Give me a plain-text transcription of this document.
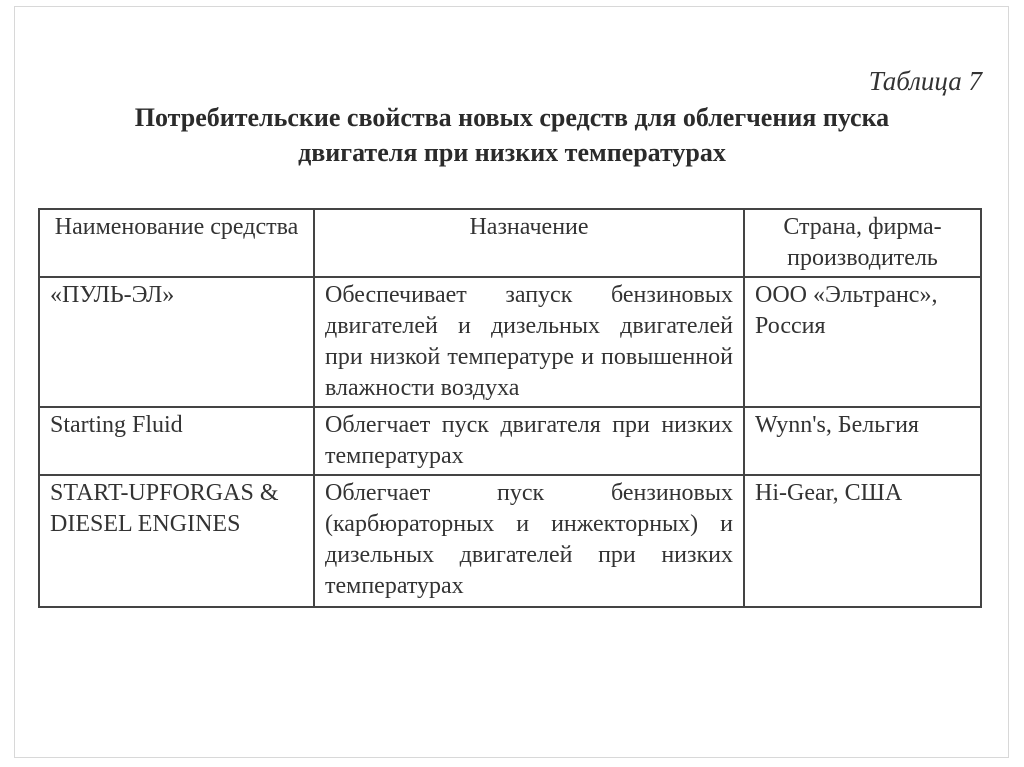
Таблица 7
Потребительские свойства новых средств для облегчения пуска
двигателя при низких температурах
Наименование средства	Назначение	Страна, фирма-производитель
«ПУЛЬ-ЭЛ»	Обеспечивает запуск бензиновых двигателей и дизельных двигателей при низкой температуре и повышенной влажности воздуха	ООО «Эльтранс», Россия
Starting Fluid	Облегчает пуск двигателя при низких температурах	Wynn's, Бельгия
START-UPFORGAS & DIESEL ENGINES	Облегчает пуск бензиновых (карбюраторных и инжекторных) и дизельных двигателей при низких температурах	Hi-Gear, США
